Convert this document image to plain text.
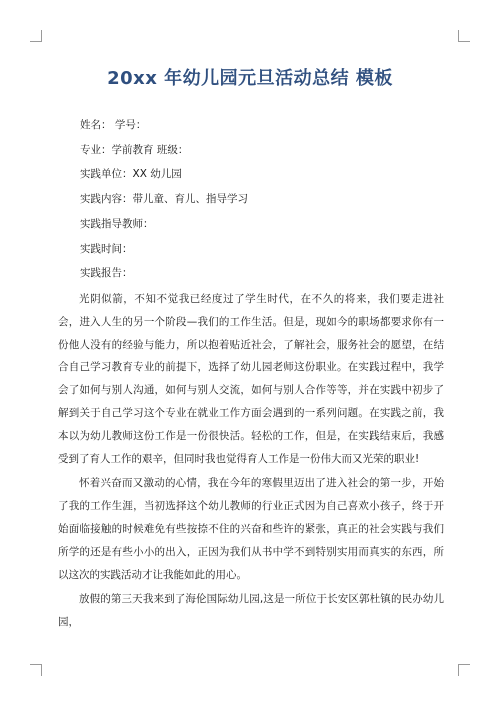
20xx 年幼儿园元旦活动总结 模板
姓名： 学号：
专业：学前教育 班级：
实践单位：XX 幼儿园
实践内容：带儿童、育儿、指导学习
实践指导教师：
实践时间：
实践报告：

光阴似箭，不知不觉我已经度过了学生时代，在不久的将来，我们要走进社会，进入人生的另一个阶段—我们的工作生活。但是，现如今的职场都要求你有一份他人没有的经验与能力，所以抱着贴近社会，了解社会，服务社会的愿望，在结合自己学习教育专业的前提下，选择了幼儿园老师这份职业。在实践过程中，我学会了如何与别人沟通，如何与别人交流，如何与别人合作等等，并在实践中初步了解到关于自己学习这个专业在就业工作方面会遇到的一系列问题。在实践之前，我本以为幼儿教师这份工作是一份很快活。轻松的工作，但是，在实践结束后，我感受到了育人工作的艰辛，但同时我也觉得育人工作是一份伟大而又光荣的职业!

怀着兴奋而又激动的心情，我在今年的寒假里迈出了进入社会的第一步，开始了我的工作生涯，当初选择这个幼儿教师的行业正式因为自己喜欢小孩子，终于开始面临接触的时候难免有些按捺不住的兴奋和些许的紧张，真正的社会实践与我们所学的还是有些小小的出入，正因为我们从书中学不到特别实用而真实的东西，所以这次的实践活动才让我能如此的用心。

放假的第三天我来到了海伦国际幼儿园,这是一所位于长安区郭杜镇的民办幼儿园，
